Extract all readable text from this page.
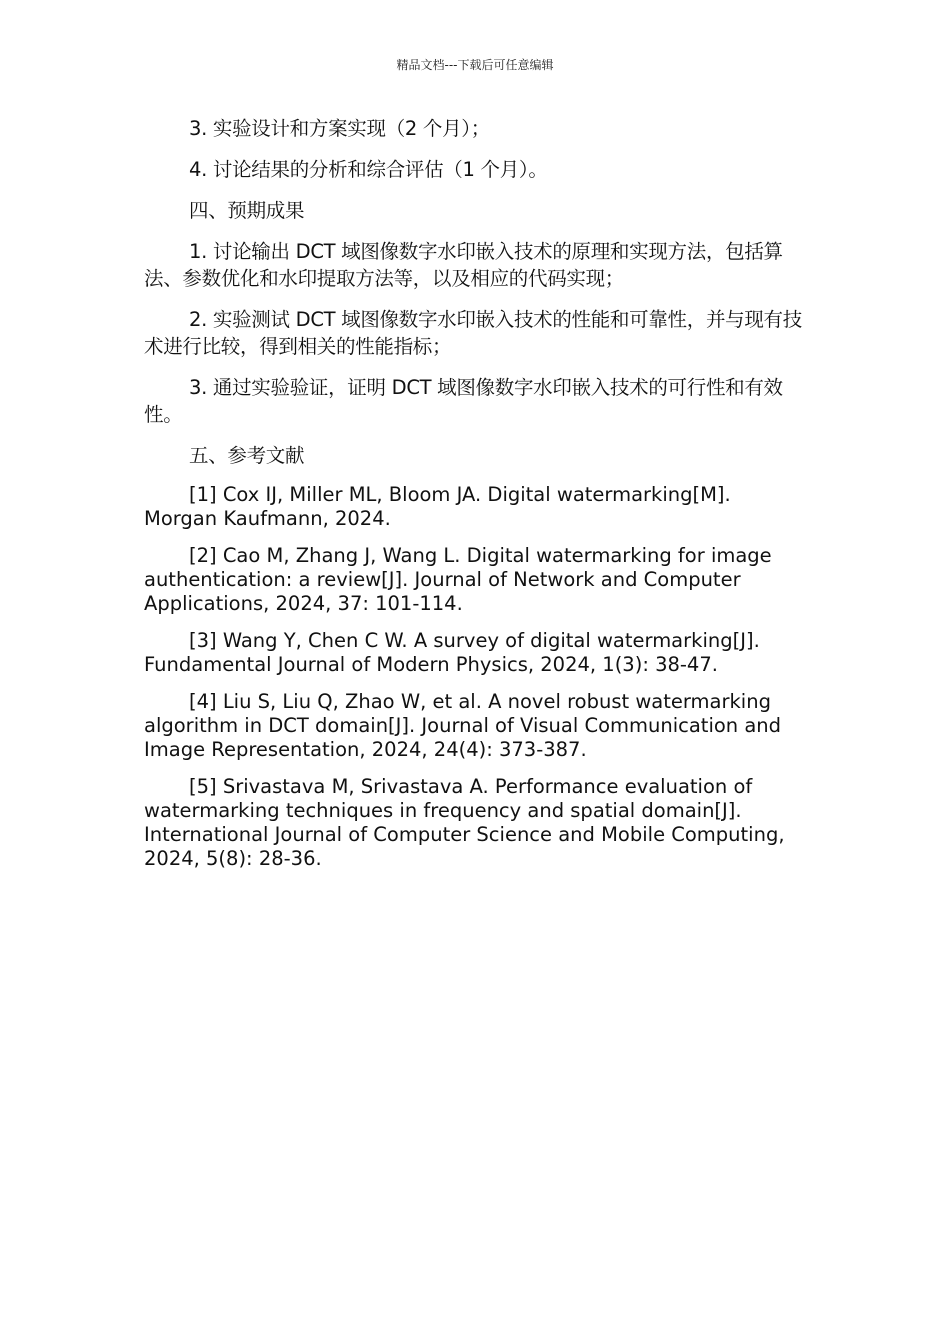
精品文档---下载后可任意编辑

3. 实验设计和方案实现（2 个月）；

4. 讨论结果的分析和综合评估（1 个月）。

四、预期成果

1. 讨论输出 DCT 域图像数字水印嵌入技术的原理和实现方法，包括算法、参数优化和水印提取方法等，以及相应的代码实现；

2. 实验测试 DCT 域图像数字水印嵌入技术的性能和可靠性，并与现有技术进行比较，得到相关的性能指标；

3. 通过实验验证，证明 DCT 域图像数字水印嵌入技术的可行性和有效性。

五、参考文献

[1] Cox IJ, Miller ML, Bloom JA. Digital watermarking[M]. Morgan Kaufmann, 2024.

[2] Cao M, Zhang J, Wang L. Digital watermarking for image authentication: a review[J]. Journal of Network and Computer Applications, 2024, 37: 101-114.

[3] Wang Y, Chen C W. A survey of digital watermarking[J]. Fundamental Journal of Modern Physics, 2024, 1(3): 38-47.

[4] Liu S, Liu Q, Zhao W, et al. A novel robust watermarking algorithm in DCT domain[J]. Journal of Visual Communication and Image Representation, 2024, 24(4): 373-387.

[5] Srivastava M, Srivastava A. Performance evaluation of watermarking techniques in frequency and spatial domain[J]. International Journal of Computer Science and Mobile Computing, 2024, 5(8): 28-36.
